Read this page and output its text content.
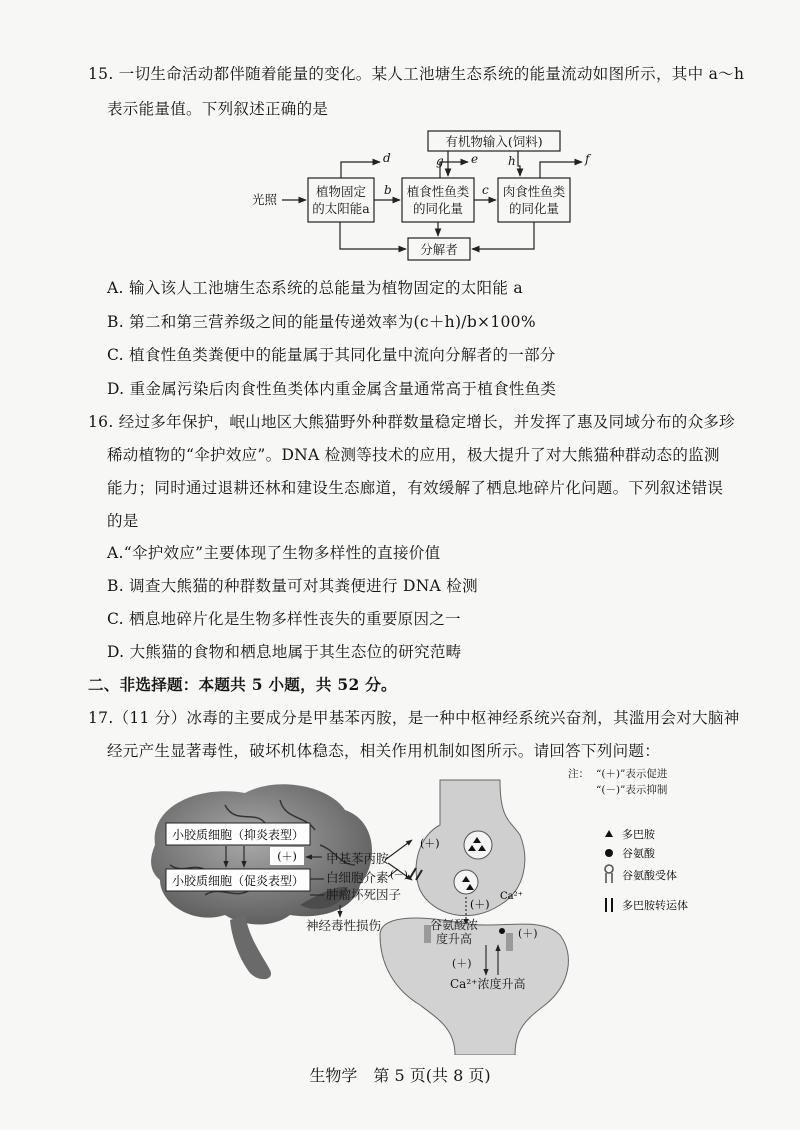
15. 一切生命活动都伴随着能量的变化。某人工池塘生态系统的能量流动如图所示，其中 a～h
表示能量值。下列叙述正确的是
有机物输入(饲料)
光照
植物固定
的太阳能a
植食性鱼类
的同化量
肉食性鱼类
的同化量
分解者
b	c
d	e	f
g	h
A. 输入该人工池塘生态系统的总能量为植物固定的太阳能 a
B. 第二和第三营养级之间的能量传递效率为(c＋h)/b×100%
C. 植食性鱼类粪便中的能量属于其同化量中流向分解者的一部分
D. 重金属污染后肉食性鱼类体内重金属含量通常高于植食性鱼类
16. 经过多年保护，岷山地区大熊猫野外种群数量稳定增长，并发挥了惠及同域分布的众多珍
稀动植物的“伞护效应”。DNA 检测等技术的应用，极大提升了对大熊猫种群动态的监测
能力；同时通过退耕还林和建设生态廊道，有效缓解了栖息地碎片化问题。下列叙述错误
的是
A.“伞护效应”主要体现了生物多样性的直接价值
B. 调查大熊猫的种群数量可对其粪便进行 DNA 检测
C. 栖息地碎片化是生物多样性丧失的重要原因之一
D. 大熊猫的食物和栖息地属于其生态位的研究范畴
二、非选择题：本题共 5 小题，共 52 分。
17.（11 分）冰毒的主要成分是甲基苯丙胺，是一种中枢神经系统兴奋剂，其滥用会对大脑神
经元产生显著毒性，破坏机体稳态，相关作用机制如图所示。请回答下列问题：
小胶质细胞（抑炎表型）
小胶质细胞（促炎表型）
(＋) 甲基苯丙胺
白细胞介素
肿瘤坏死因子
神经毒性损伤
(－)
(＋)
(＋)
Ca²⁺
谷氨酸浓
度升高	(＋)
(＋)
Ca²⁺浓度升高
注： “(＋)”表示促进
“(－)”表示抑制
多巴胺
谷氨酸
谷氨酸受体
多巴胺转运体
生物学　第 5 页(共 8 页)
